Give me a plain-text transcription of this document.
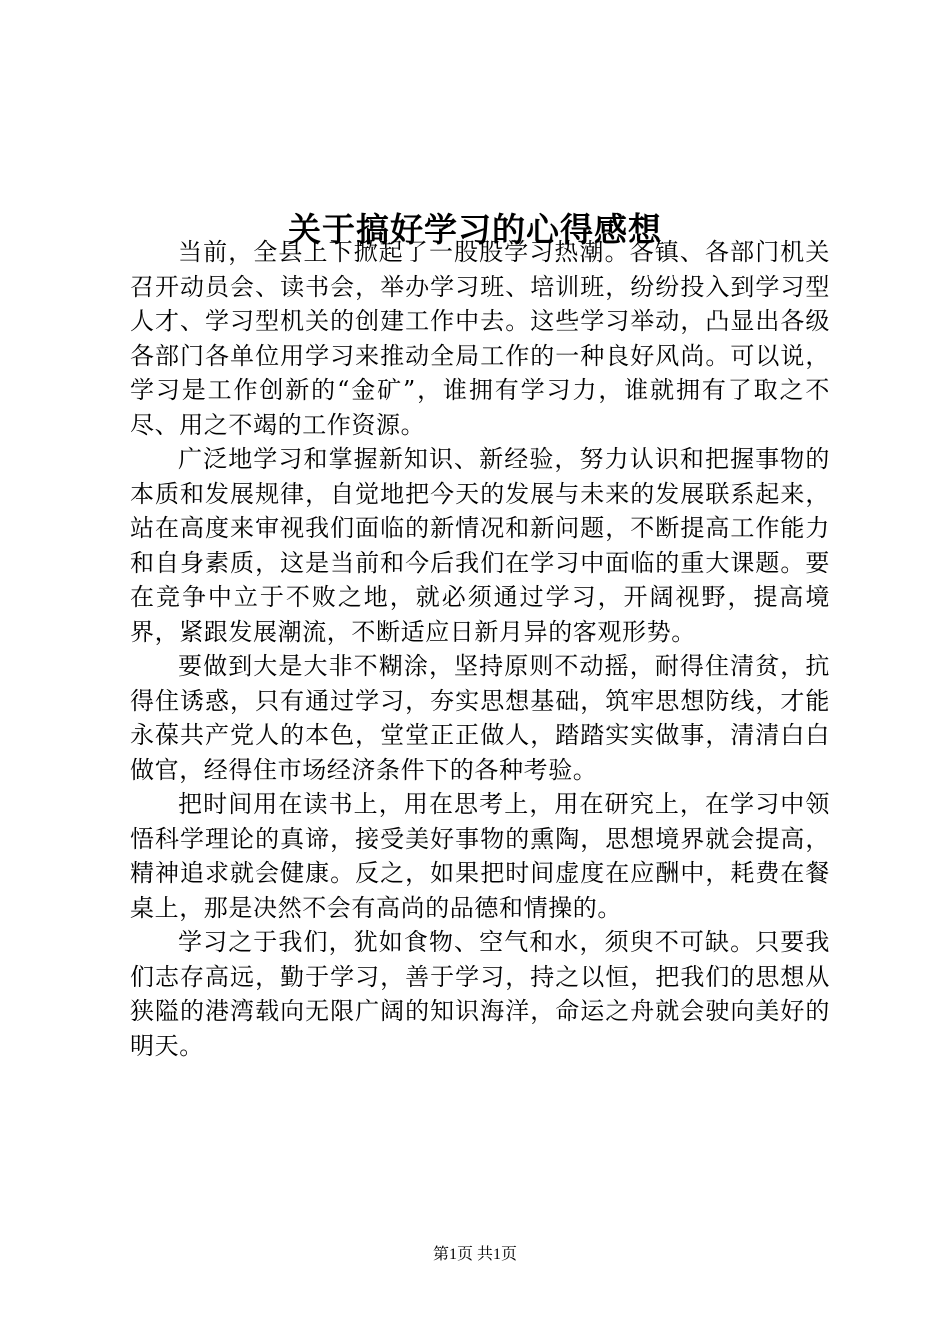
关于搞好学习的心得感想

当前，全县上下掀起了一股股学习热潮。各镇、各部门机关召开动员会、读书会，举办学习班、培训班，纷纷投入到学习型人才、学习型机关的创建工作中去。这些学习举动，凸显出各级各部门各单位用学习来推动全局工作的一种良好风尚。可以说，学习是工作创新的“金矿”，谁拥有学习力，谁就拥有了取之不尽、用之不竭的工作资源。

广泛地学习和掌握新知识、新经验，努力认识和把握事物的本质和发展规律，自觉地把今天的发展与未来的发展联系起来，站在高度来审视我们面临的新情况和新问题，不断提高工作能力和自身素质，这是当前和今后我们在学习中面临的重大课题。要在竞争中立于不败之地，就必须通过学习，开阔视野，提高境界，紧跟发展潮流，不断适应日新月异的客观形势。

要做到大是大非不糊涂，坚持原则不动摇，耐得住清贫，抗得住诱惑，只有通过学习，夯实思想基础，筑牢思想防线，才能永葆共产党人的本色，堂堂正正做人，踏踏实实做事，清清白白做官，经得住市场经济条件下的各种考验。

把时间用在读书上，用在思考上，用在研究上，在学习中领悟科学理论的真谛，接受美好事物的熏陶，思想境界就会提高，精神追求就会健康。反之，如果把时间虚度在应酬中，耗费在餐桌上，那是决然不会有高尚的品德和情操的。

学习之于我们，犹如食物、空气和水，须臾不可缺。只要我们志存高远，勤于学习，善于学习，持之以恒，把我们的思想从狭隘的港湾载向无限广阔的知识海洋，命运之舟就会驶向美好的明天。

第1页 共1页
